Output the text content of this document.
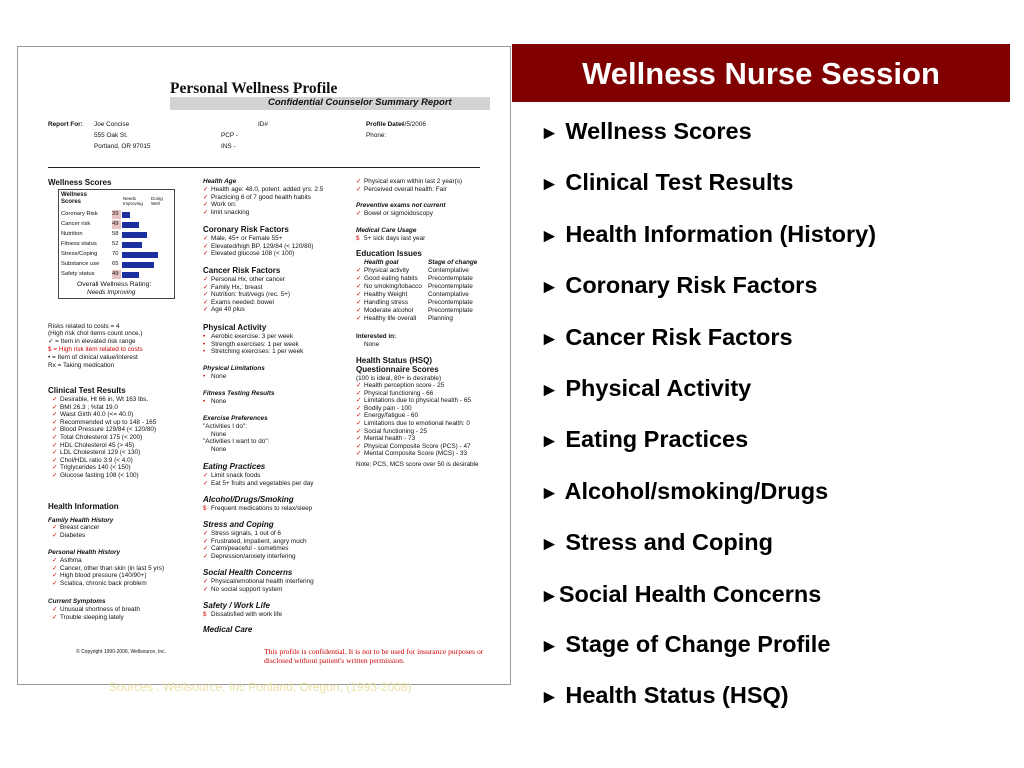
Personal Wellness Profile
Confidential Counselor Summary Report
Report For: Joe Concise
555 Oak St.
Portland, OR 97015
ID#
PCP -
INS -
Profile Date:
4/5/2006
Phone:
Wellness Scores
Wellness Scores
Needs Improving
Doing Well
Coronary Risk 39
Cancer risk	49
Nutrition	58
Fitness status	52
Stress/Coping	70
Substance use 65
Safety status	49
Overall Wellness Rating:
Needs Improving
Risks related to costs = 4
(High risk chol items count once.)
✓ = Item in elevated risk range
$ = High risk item related to costs
• = Item of clinical value/interest
Rx = Taking medication
Clinical Test Results
✓ Desirable, Ht 66 in, Wt 163 lbs,
✓ BMI 26.3 ; %fat 19.0
✓ Waist Girth 40.0 (<= 40.0)
✓ Recommended wt up to 148 - 165
✓ Blood Pressure 129/84 (< 120/80)
✓ Total Cholesterol 175 (< 200)
✓ HDL Cholesterol 45 (> 45)
✓ LDL Cholesterol 129 (< 130)
✓ Chol/HDL ratio 3.9 (< 4.0)
✓ Triglycerides 140 (< 150)
✓ Glucose fasting 108 (< 100)
Health Information
Family Health History
✓ Breast cancer
✓ Diabetes
Personal Health History
✓ Asthma
✓ Cancer, other than skin (in last 5 yrs)
✓ High blood pressure (140/90+)
✓ Sciatica, chronic back problem
Current Symptoms
✓ Unusual shortness of breath
✓ Trouble sleeping lately
© Copyright 1990-2006, Wellsource, Inc.
Health Age
✓ Health age: 48.0, potent. added yrs: 2.5
✓ Practicing 6 of 7 good health habits
✓ Work on:
✓ limit snacking
Coronary Risk Factors
✓ Male, 45+ or Female 55+
✓ Elevated/high BP, 129/84 (< 120/80)
✓ Elevated glucose 108 (< 100)
Cancer Risk Factors
✓ Personal Hx, other cancer
✓ Family Hx,: breast
✓ Nutrition: fruit/vegs (rec. 5+)
✓ Exams needed: bowel
✓ Age 40 plus
Physical Activity
• Aerobic exercise: 3 per week
• Strength exercises: 1 per week
• Stretching exercises: 1 per week
Physical Limitations
• None
Fitness Testing Results
• None
Exercise Preferences
"Activities I do":
None
"Activities I want to do":
None
Eating Practices
✓ Limit snack foods
✓ Eat 5+ fruits and vegetables per day
Alcohol/Drugs/Smoking
$ Frequent medications to relax/sleep
Stress and Coping
✓ Stress signals, 1 out of 6
✓ Frustrated, impatient, angry much
✓ Calm/peaceful - sometimes
✓ Depression/anxiety interfering
Social Health Concerns
✓ Physical/emotional health interfering
✓ No social support system
Safety / Work Life
$ Dissatisfied with work life
Medical Care
✓ Physical exam within last 2 year(s)
✓ Perceived overall health: Fair
Preventive exams not current
✓ Bowel or sigmoidoscopy
Medical Care Usage
$ 5+ sick days last year
Education Issues
Health goal	Stage of change
✓ Physical activity	Contemplative
✓ Good eating habits Precontemplate
✓ No smoking/tobacco Precontemplate
✓ Healthy Weight	Contemplative
✓ Handling stress	Precontemplate
✓ Moderate alcohol Precontemplate
✓ Healthy life overall Planning
Interested in:
None
Health Status (HSQ)
Questionnaire Scores
(100 is ideal, 80+ is desirable)
✓ Health perception score - 25
✓ Physical functioning - 66
✓ Limitations due to physical health - 65
✓ Bodily pain - 100
✓ Energy/fatigue - 60
✓ Limitations due to emotional health: 0
✓ Social functioning - 25
✓ Mental health - 73
✓ Physical Composite Score (PCS) - 47
✓ Mental Composite Score (MCS) - 33
Note: PCS, MCS score over 50 is desirable
This profile is confidential. It is not to be used for insurance purposes or disclosed without patient's written permission.
Sources : Wellsource, Inc Portland, Oregon, (1993-2008)
Wellness Nurse Session
► Wellness Scores
► Clinical Test Results
► Health Information (History)
► Coronary Risk Factors
► Cancer Risk Factors
► Physical Activity
► Eating Practices
► Alcohol/smoking/Drugs
► Stress and Coping
►Social Health Concerns
► Stage of Change Profile
► Health Status (HSQ)
